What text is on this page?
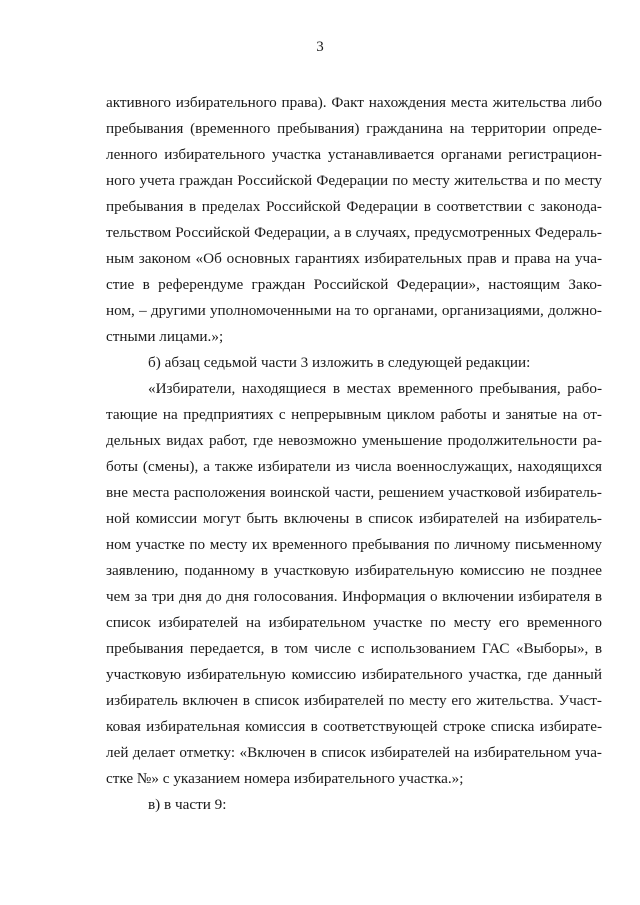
3
активного избирательного права). Факт нахождения места жительства либо
пребывания (временного пребывания) гражданина на территории опреде-
ленного избирательного участка устанавливается органами регистрацион-
ного учета граждан Российской Федерации по месту жительства и по месту
пребывания в пределах Российской Федерации в соответствии с законода-
тельством Российской Федерации, а в случаях, предусмотренных Федераль-
ным законом «Об основных гарантиях избирательных прав и права на уча-
стие в референдуме граждан Российской Федерации», настоящим Зако-
ном, – другими уполномоченными на то органами, организациями, должно-
стными лицами.»;
б) абзац седьмой части 3 изложить в следующей редакции:
«Избиратели, находящиеся в местах временного пребывания, рабо-
тающие на предприятиях с непрерывным циклом работы и занятые на от-
дельных видах работ, где невозможно уменьшение продолжительности ра-
боты (смены), а также избиратели из числа военнослужащих, находящихся
вне места расположения воинской части, решением участковой избиратель-
ной комиссии могут быть включены в список избирателей на избиратель-
ном участке по месту их временного пребывания по личному письменному
заявлению, поданному в участковую избирательную комиссию не позднее
чем за три дня до дня голосования. Информация о включении избирателя в
список избирателей на избирательном участке по месту его временного
пребывания передается, в том числе с использованием ГАС «Выборы», в
участковую избирательную комиссию избирательного участка, где данный
избиратель включен в список избирателей по месту его жительства. Участ-
ковая избирательная комиссия в соответствующей строке списка избирате-
лей делает отметку: «Включен в список избирателей на избирательном уча-
стке №» с указанием номера избирательного участка.»;
в) в части 9:
